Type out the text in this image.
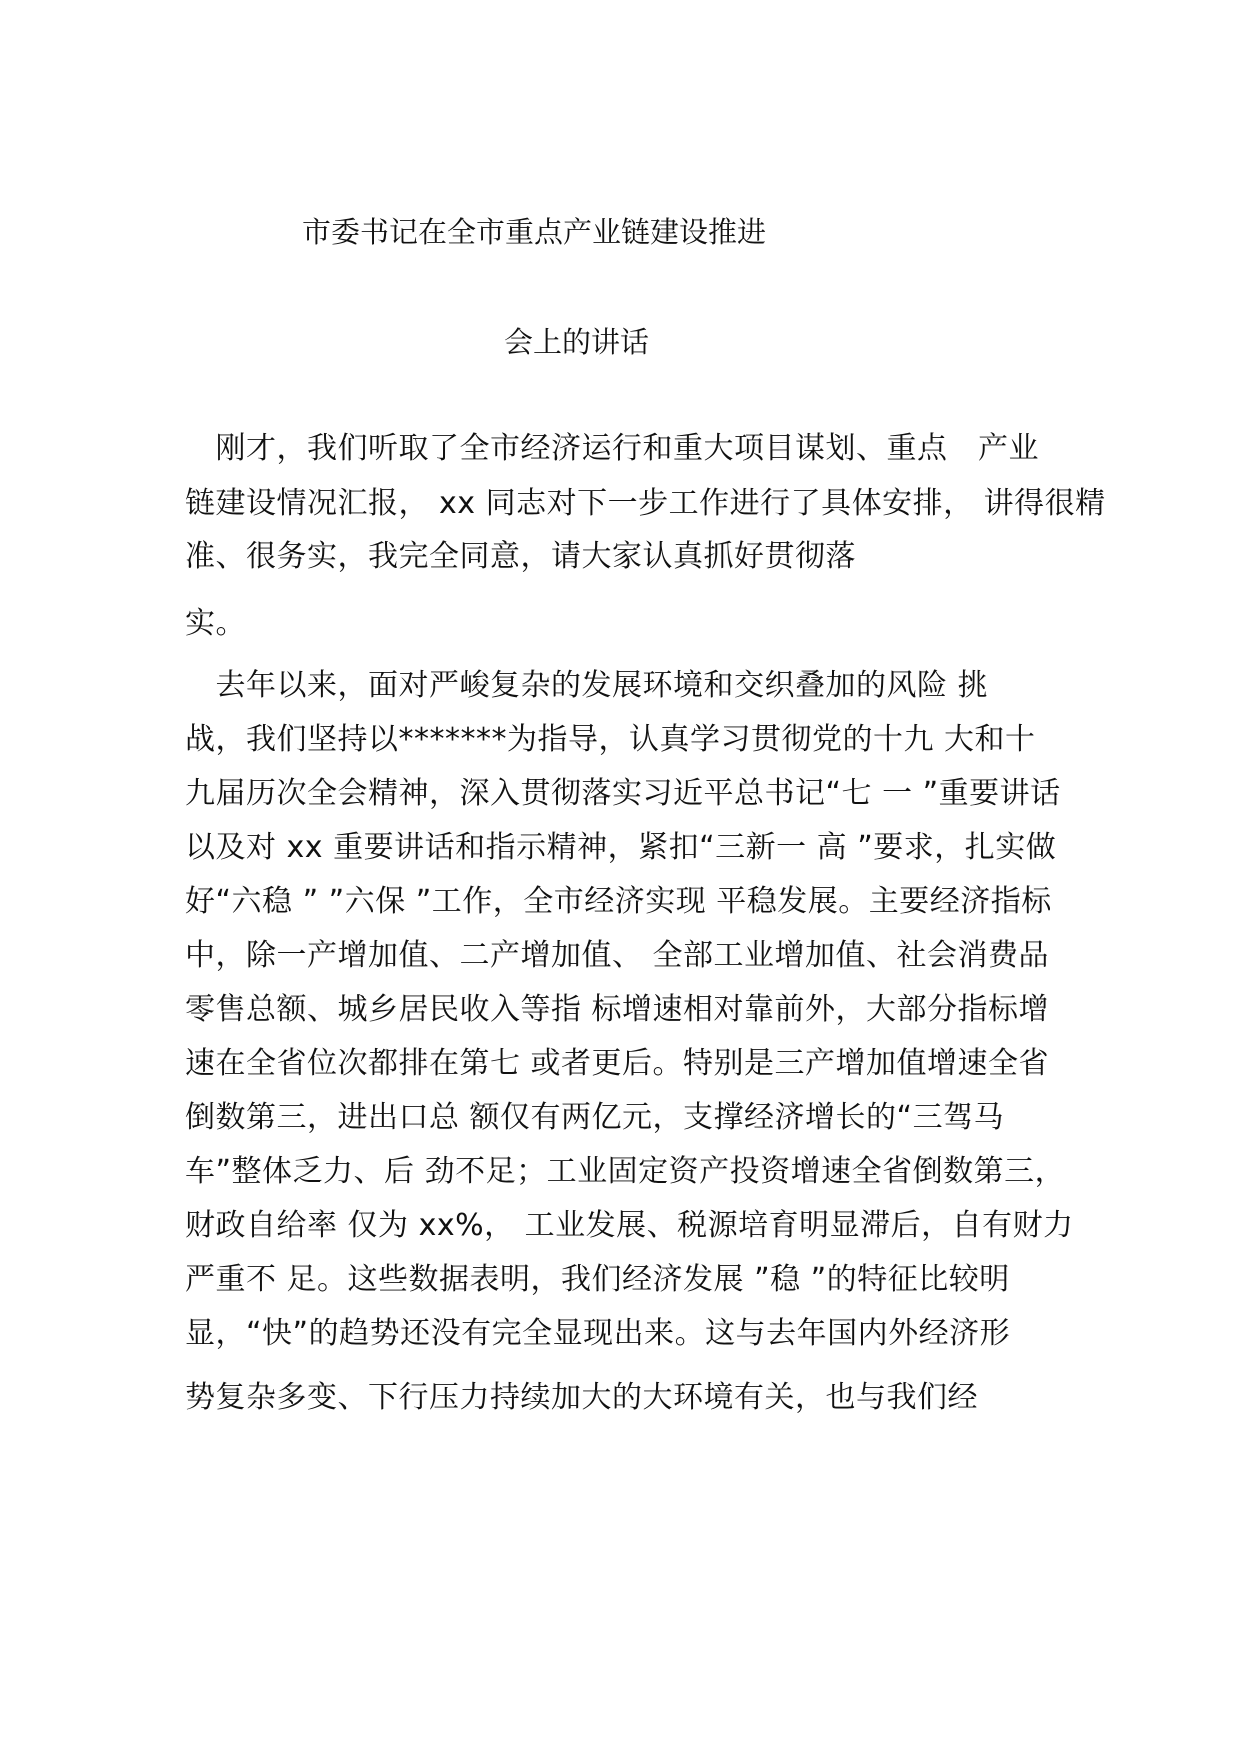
市委书记在全市重点产业链建设推进
会上的讲话
　刚才，我们听取了全市经济运行和重大项目谋划、重点　产业
链建设情况汇报， xx 同志对下一步工作进行了具体安排， 讲得很精
准、很务实，我完全同意，请大家认真抓好贯彻落
实。
　去年以来，面对严峻复杂的发展环境和交织叠加的风险 挑
战，我们坚持以*******为指导，认真学习贯彻党的十九 大和十
九届历次全会精神，深入贯彻落实习近平总书记“七 一 ”重要讲话
以及对 xx 重要讲话和指示精神，紧扣“三新一 高 ”要求，扎实做
好“六稳 ” ”六保 ”工作，全市经济实现 平稳发展。主要经济指标
中，除一产增加值、二产增加值、 全部工业增加值、社会消费品
零售总额、城乡居民收入等指 标增速相对靠前外，大部分指标增
速在全省位次都排在第七 或者更后。特别是三产增加值增速全省
倒数第三，进出口总 额仅有两亿元，支撑经济增长的“三驾马
车”整体乏力、后 劲不足；工业固定资产投资增速全省倒数第三，
财政自给率 仅为 xx%， 工业发展、税源培育明显滞后，自有财力
严重不 足。这些数据表明，我们经济发展 ”稳 ”的特征比较明
显，“快”的趋势还没有完全显现出来。这与去年国内外经济形
势复杂多变、下行压力持续加大的大环境有关，也与我们经
